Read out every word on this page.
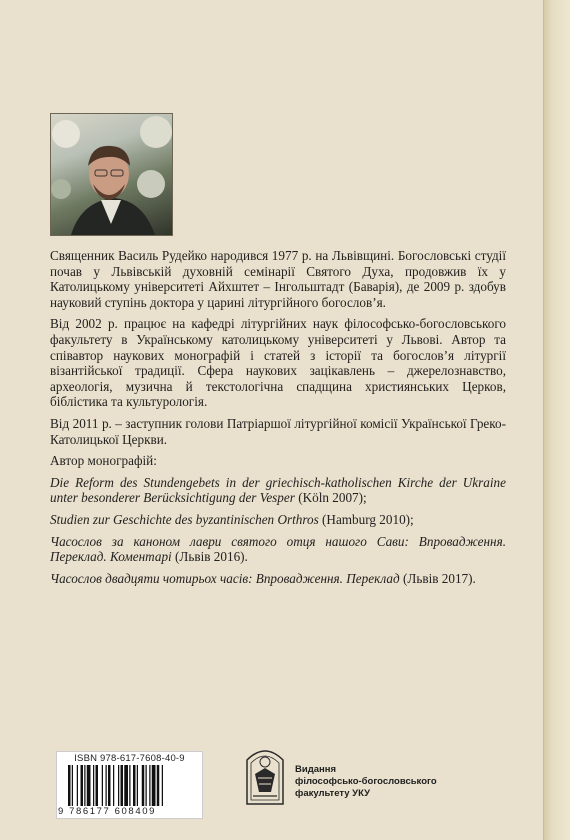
Священник Василь Рудейко народився 1977 р. на Львівщині. Богословські студії почав у Львівській духовній семінарії Святого Духа, продовжив їх у Католицькому університеті Айхштет – Інгольштадт (Баварія), де 2009 р. здобув науковий ступінь доктора у царині літургійного богослов’я.

Від 2002 р. працює на кафедрі літургійних наук філософсько-богословського факультету в Українському католицькому університеті у Львові. Автор та співавтор наукових монографій і статей з історії та богослов’я літургії візантійської традиції. Сфера наукових зацікавлень – джерелознавство, археологія, музична й текстологічна спадщина християнських Церков, біблістика та культурологія.

Від 2011 р. – заступник голови Патріаршої літургійної комісії Української Греко-Католицької Церкви.

Автор монографій:

Die Reform des Stundengebets in der griechisch-katholischen Kirche der Ukraine unter besonderer Berücksichtigung der Vesper (Köln 2007);

Studien zur Geschichte des byzantinischen Orthros (Hamburg 2010);

Часослов за каноном лаври святого отця нашого Сави: Впровадження. Переклад. Коментарі (Львів 2016).

Часослов двадцяти чотирьох часів: Впровадження. Переклад (Львів 2017).

ISBN 978-617-7608-40-9
9 786177 608409
Видання
філософсько-богословського
факультету УКУ
